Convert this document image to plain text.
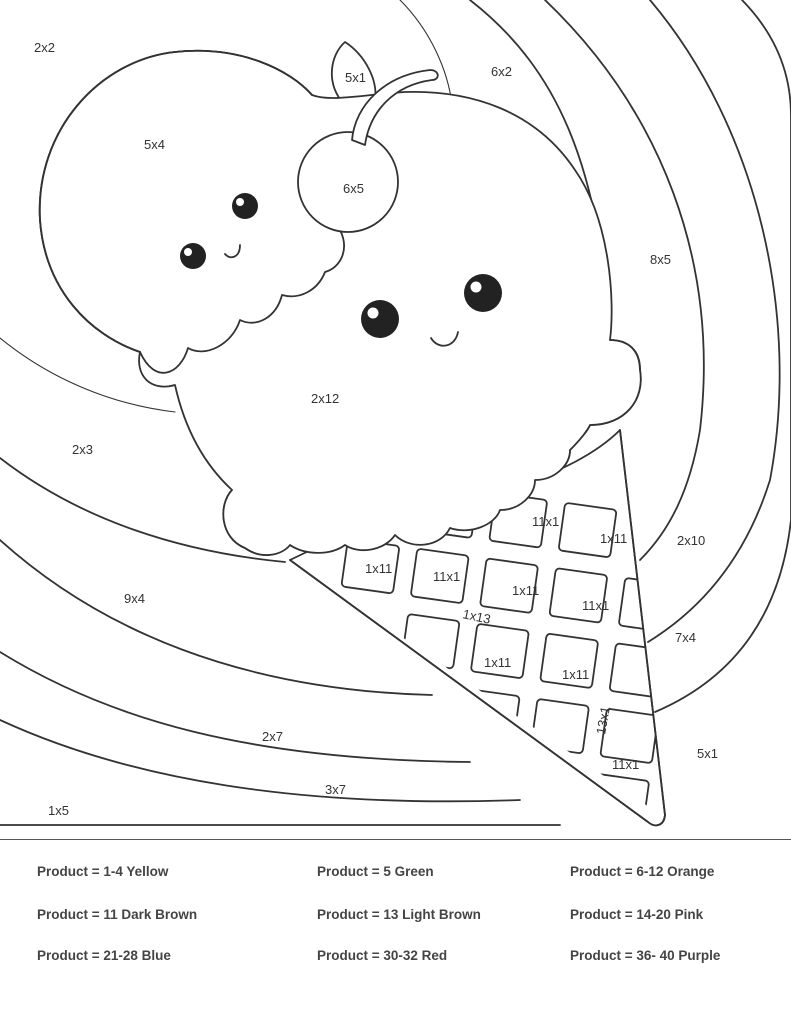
2x2
5x1	6x2
5x4
6x5
8x5
2x12
2x3
2x10
7x4
5x1
9x4
2x7
3x7
1x5
11x1
1x11
1x11
11x1
1x11
11x1
1x11
1x11
11x1
1x13
13x1
Product = 1-4 Yellow	Product = 5 Green	Product = 6-12 Orange
Product = 11 Dark Brown	Product = 13 Light Brown	Product = 14-20 Pink
Product = 21-28 Blue	Product = 30-32 Red	Product = 36- 40 Purple
